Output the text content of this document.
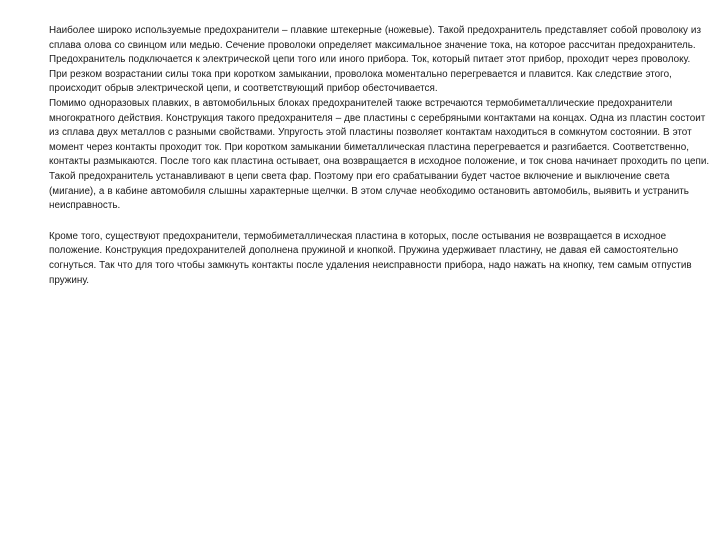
Наиболее широко используемые предохранители – плавкие штекерные (ножевые). Такой предохранитель представляет собой проволоку из сплава олова со свинцом или медью. Сечение проволоки определяет максимальное значение тока, на которое рассчитан предохранитель. Предохранитель подключается к электрической цепи того или иного прибора. Ток, который питает этот прибор, проходит через проволоку. При резком возрастании силы тока при коротком замыкании, проволока моментально перегревается и плавится. Как следствие этого, происходит обрыв электрической цепи, и соответствующий прибор обесточивается.

Помимо одноразовых плавких, в автомобильных блоках предохранителей также встречаются термобиметаллические предохранители многократного действия. Конструкция такого предохранителя – две пластины с серебряными контактами на концах. Одна из пластин состоит из сплава двух металлов с разными свойствами. Упругость этой пластины позволяет контактам находиться в сомкнутом состоянии. В этот момент через контакты проходит ток. При коротком замыкании биметаллическая пластина перегревается и разгибается. Соответственно, контакты размыкаются. После того как пластина остывает, она возвращается в исходное положение, и ток снова начинает проходить по цепи. Такой предохранитель устанавливают в цепи света фар. Поэтому при его срабатывании будет частое включение и выключение света (мигание), а в кабине автомобиля слышны характерные щелчки. В этом случае необходимо остановить автомобиль, выявить и устранить неисправность.

Кроме того, существуют предохранители, термобиметаллическая пластина в которых, после остывания не возвращается в исходное положение. Конструкция предохранителей дополнена пружиной и кнопкой. Пружина удерживает пластину, не давая ей самостоятельно согнуться. Так что для того чтобы замкнуть контакты после удаления неисправности прибора, надо нажать на кнопку, тем самым отпустив пружину.
